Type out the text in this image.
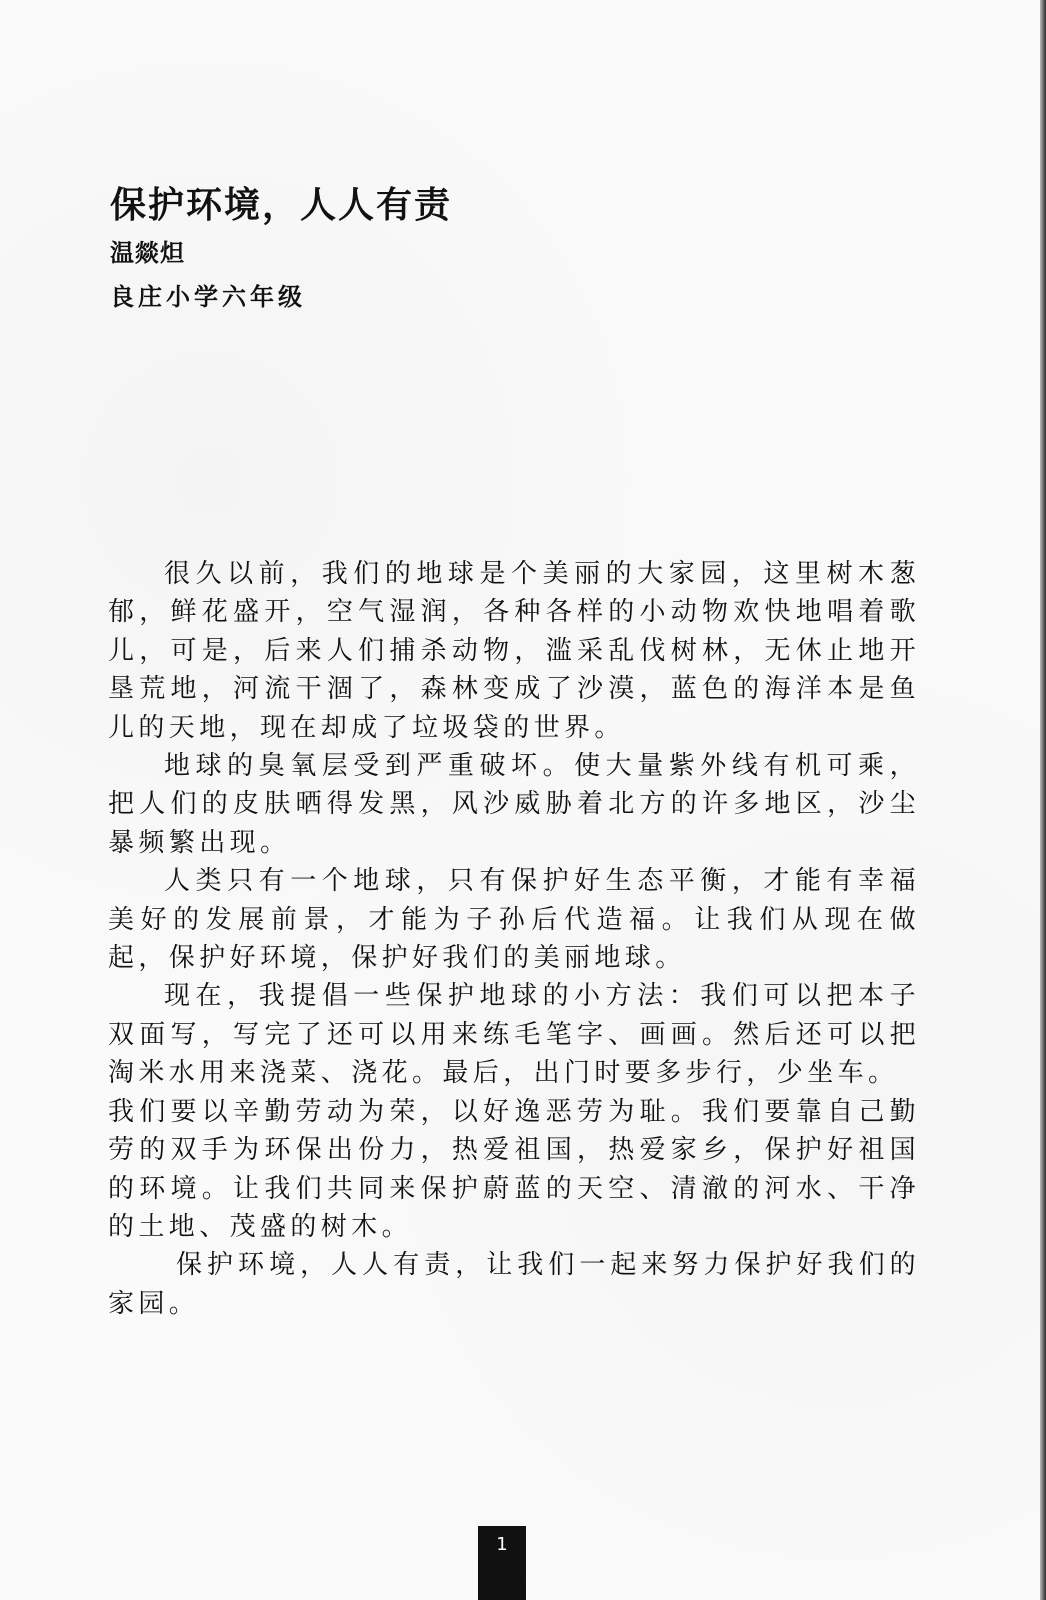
保护环境，人人有责
温燚炟
良庄小学六年级

很久以前，我们的地球是个美丽的大家园，这里树木葱郁，鲜花盛开，空气湿润，各种各样的小动物欢快地唱着歌儿，可是，后来人们捕杀动物，滥采乱伐树林，无休止地开垦荒地，河流干涸了，森林变成了沙漠，蓝色的海洋本是鱼儿的天地，现在却成了垃圾袋的世界。

地球的臭氧层受到严重破坏。使大量紫外线有机可乘，把人们的皮肤晒得发黑，风沙威胁着北方的许多地区，沙尘暴频繁出现。

人类只有一个地球，只有保护好生态平衡，才能有幸福美好的发展前景，才能为子孙后代造福。让我们从现在做起，保护好环境，保护好我们的美丽地球。

现在，我提倡一些保护地球的小方法：我们可以把本子双面写，写完了还可以用来练毛笔字、画画。然后还可以把淘米水用来浇菜、浇花。最后，出门时要多步行，少坐车。

我们要以辛勤劳动为荣，以好逸恶劳为耻。我们要靠自己勤劳的双手为环保出份力，热爱祖国，热爱家乡，保护好祖国的环境。让我们共同来保护蔚蓝的天空、清澈的河水、干净的土地、茂盛的树木。

保护环境，人人有责，让我们一起来努力保护好我们的家园。

1
